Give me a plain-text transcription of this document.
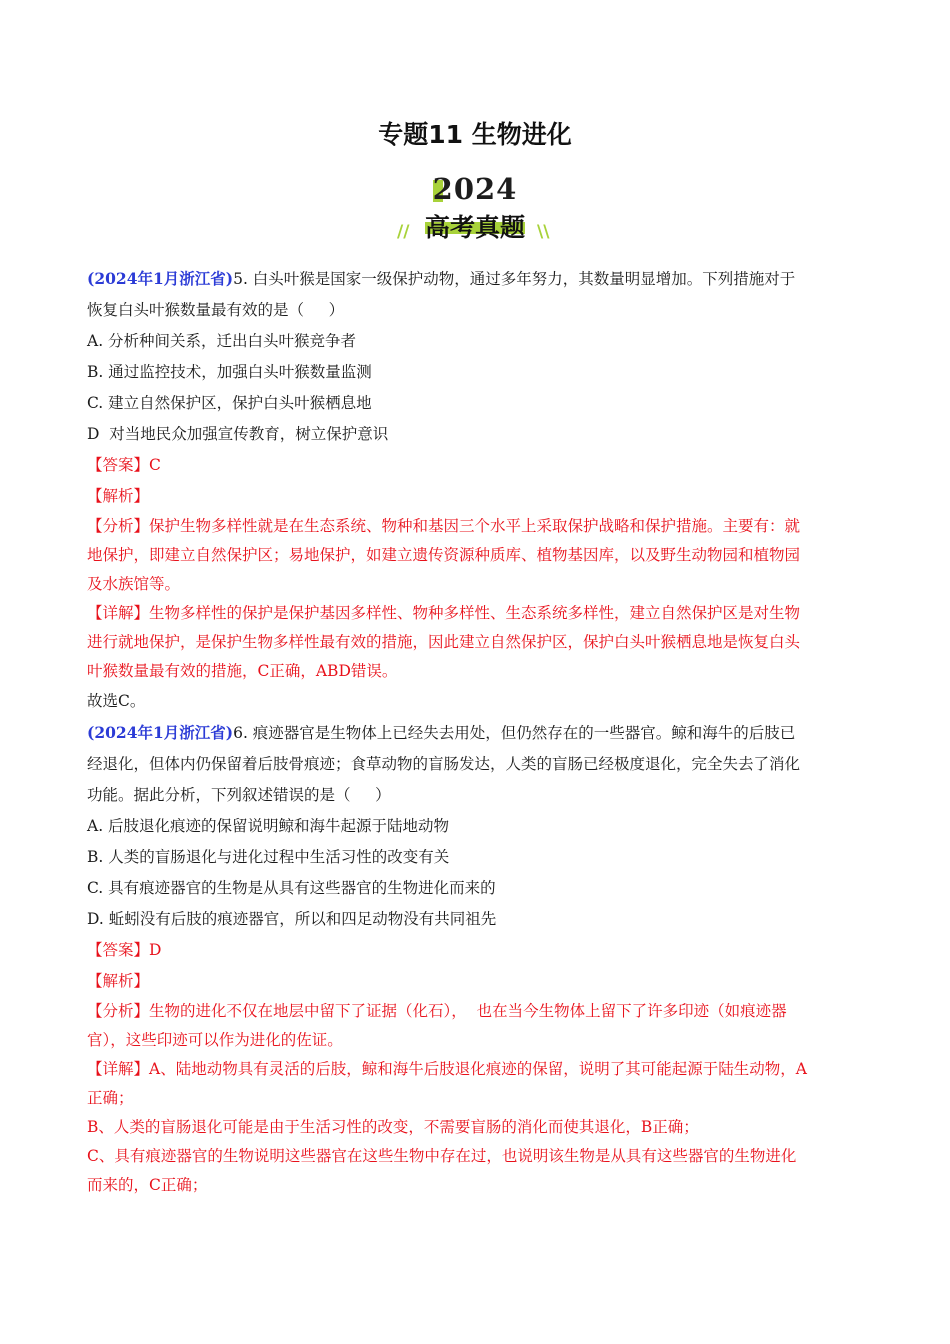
专题11 生物进化
2024
高考真题
//	\\
(2024年1月浙江省)5. 白头叶猴是国家一级保护动物，通过多年努力，其数量明显增加。下列措施对于
恢复白头叶猴数量最有效的是（     ）
A. 分析种间关系，迁出白头叶猴竞争者
B. 通过监控技术，加强白头叶猴数量监测
C. 建立自然保护区，保护白头叶猴栖息地
D  对当地民众加强宣传教育，树立保护意识
【答案】C
【解析】
【分析】保护生物多样性就是在生态系统、物种和基因三个水平上采取保护战略和保护措施。主要有：就
地保护，即建立自然保护区；易地保护，如建立遗传资源种质库、植物基因库，以及野生动物园和植物园
及水族馆等。
【详解】生物多样性的保护是保护基因多样性、物种多样性、生态系统多样性，建立自然保护区是对生物
进行就地保护，是保护生物多样性最有效的措施，因此建立自然保护区，保护白头叶猴栖息地是恢复白头
叶猴数量最有效的措施，C正确，ABD错误。
故选C。
(2024年1月浙江省)6. 痕迹器官是生物体上已经失去用处，但仍然存在的一些器官。鲸和海牛的后肢已
经退化，但体内仍保留着后肢骨痕迹；食草动物的盲肠发达，人类的盲肠已经极度退化，完全失去了消化
功能。据此分析，下列叙述错误的是（     ）
A. 后肢退化痕迹的保留说明鲸和海牛起源于陆地动物
B. 人类的盲肠退化与进化过程中生活习性的改变有关
C. 具有痕迹器官的生物是从具有这些器官的生物进化而来的
D. 蚯蚓没有后肢的痕迹器官，所以和四足动物没有共同祖先
【答案】D
【解析】
【分析】生物的进化不仅在地层中留下了证据（化石），  也在当今生物体上留下了许多印迹（如痕迹器
官），这些印迹可以作为进化的佐证。
【详解】A、陆地动物具有灵活的后肢，鲸和海牛后肢退化痕迹的保留，说明了其可能起源于陆生动物，A
正确；
B、人类的盲肠退化可能是由于生活习性的改变，不需要盲肠的消化而使其退化，B正确；
C、具有痕迹器官的生物说明这些器官在这些生物中存在过，也说明该生物是从具有这些器官的生物进化
而来的，C正确；
